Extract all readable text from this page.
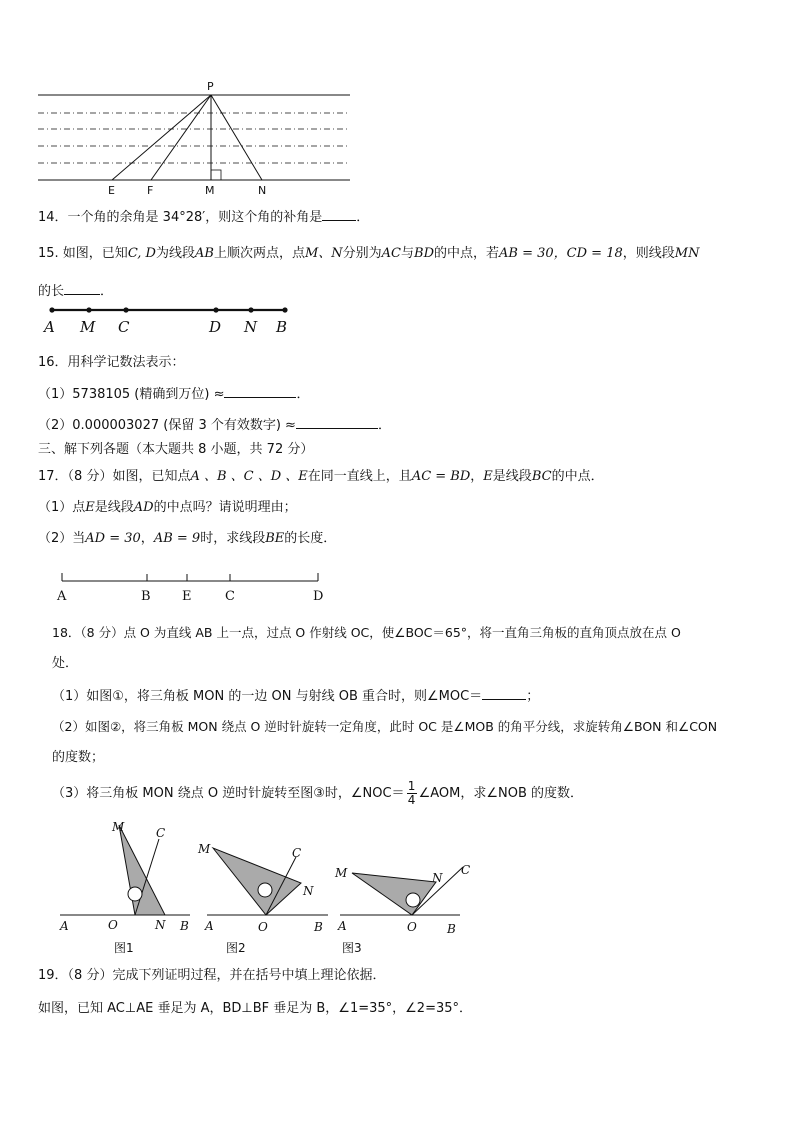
P
E	F	M	N
14．一个角的余角是 34°28′，则这个角的补角是	．
15. 如图，已知C, D为线段AB上顺次两点，点M、N分别为AC与BD的中点，若AB = 30，CD = 18，则线段MN
的长	．
A M C	D N B
16．用科学记数法表示：
（1）5738105 (精确到万位) ≈	．
（2）0.000003027 (保留 3 个有效数字) ≈	．
三、解下列各题（本大题共 8 小题，共 72 分）
17．（8 分）如图，已知点A 、B 、C 、D 、E在同一直线上，且AC = BD，E是线段BC的中点．
（1）点E是线段AD的中点吗？请说明理由；
（2）当AD = 30，AB = 9时，求线段BE的长度．
A	B E	C	D
18．（8 分）点 O 为直线 AB 上一点，过点 O 作射线 OC，使∠BOC＝65°，将一直角三角板的直角顶点放在点 O
处．
（1）如图①，将三角板 MON 的一边 ON 与射线 OB 重合时，则∠MOC＝	；
（2）如图②，将三角板 MON 绕点 O 逆时针旋转一定角度，此时 OC 是∠MOB 的角平分线，求旋转角∠BON 和∠CON
的度数；
（3）将三角板 MON 绕点 O 逆时针旋转至图③时，∠NOC＝ $\frac{1}{4}$ ∠AOM，求∠NOB 的度数．
M	C
O	N
A	B
M	C
N
A	O	B
M	N
C
A	O	B
图1	图2	图3
19．（8 分）完成下列证明过程，并在括号中填上理论依据．
如图，已知 AC⊥AE 垂足为 A，BD⊥BF 垂足为 B，∠1=35°，∠2=35°．
